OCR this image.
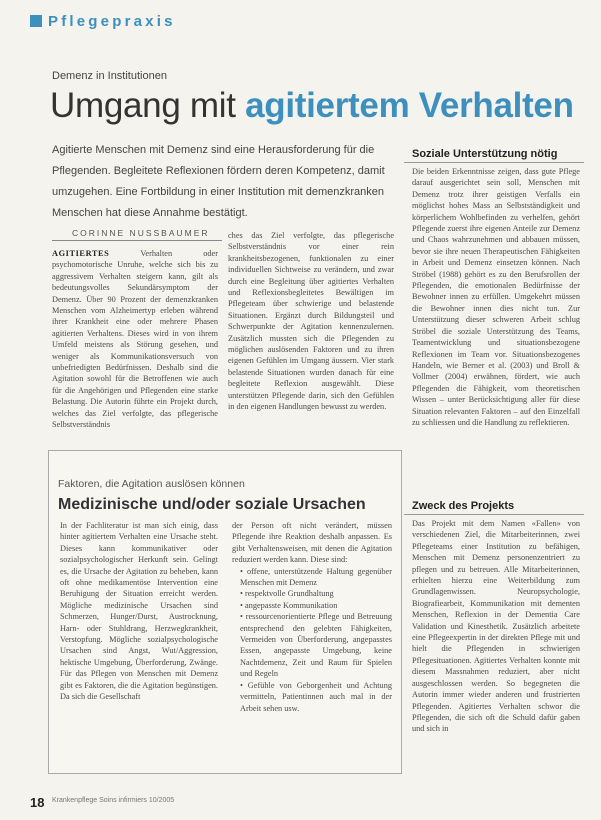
Pflegepraxis
Demenz in Institutionen
Umgang mit agitiertem Verhalten
Agitierte Menschen mit Demenz sind eine Herausforderung für die Pflegenden. Begleitete Reflexionen fördern deren Kompetenz, damit umzugehen. Eine Fortbildung in einer Institution mit demenzkranken Menschen hat diese Annahme bestätigt.
CORINNE NUSSBAUMER
AGITIERTES Verhalten oder psychomotorische Unruhe, welche sich bis zu aggressivem Verhalten steigern kann, gilt als bedeutungsvolles Sekundärsymptom der Demenz. Über 90 Prozent der demenzkranken Menschen vom Alzheimertyp erleben während ihrer Krankheit eine oder mehrere Phasen agitierten Verhaltens. Dieses wird in von ihrem Umfeld meistens als Störung gesehen, und weniger als Kommunikationsversuch von unbefriedigten Bedürfnissen. Deshalb sind die Agitation sowohl für die Betroffenen wie auch für die Angehörigen und Pflegenden eine starke Belastung. Die Autorin führte ein Projekt durch, welches das Ziel verfolgte, das pflegerische Selbstverständnis
ches das Ziel verfolgte, das pflegerische Selbstverständnis vor einer rein krankheitsbezogenen, funktionalen zu einer individuellen Sichtweise zu verändern, und zwar durch eine Begleitung über agitiertes Verhalten und Reflexionsbegleitetes Bewältigen im Pflegeteam über schwierige und belastende Situationen. Ergänzt durch Bildungsteil und Schwerpunkte der Agitation kennenzulernen. Zusätzlich mussten sich die Pflegenden zu möglichen auslösenden Faktoren und zu ihren eigenen Gefühlen im Umgang äussern. Vier stark belastende Situationen wurden danach für eine begleitete Reflexion ausgewählt. Diese unterstützen Pflegende darin, sich den Gefühlen in den eigenen Handlungen bewusst zu werden.
Faktoren, die Agitation auslösen können
Medizinische und/oder soziale Ursachen
In der Fachliteratur ist man sich einig, dass hinter agitiertem Verhalten eine Ursache steht. Dieses kann kommunikativer oder sozialpsychologischer Herkunft sein. Gelingt es, die Ursache der Agitation zu beheben, kann oft ohne medikamentöse Intervention eine Beruhigung der Situation erreicht werden. Mögliche medizinische Ursachen sind Schmerzen, Hunger/Durst, Austrocknung, Harn- oder Stuhldrang, Herzwegkrankheit, Verstopfung. Mögliche sozialpsychologische Ursachen sind Angst, Wut/Aggression, hektische Umgebung, Überforderung, Zwänge. Für das Pflegen von Menschen mit Demenz gibt es Faktoren, die die Agitation begünstigen. Da sich die Gesellschaft
der Person oft nicht verändert, müssen Pflegende ihre Reaktion deshalb anpassen. Es gibt Verhaltensweisen, mit denen die Agitation reduziert werden kann. Diese sind:
• offene, unterstützende Haltung gegenüber Menschen mit Demenz
• respektvolle Grundhaltung
• angepasste Kommunikation
• ressourcenorientierte Pflege und Betreuung entsprechend den gelebten Fähigkeiten, Vermeiden von Überforderung, angepasstes Essen, angepasste Umgebung, keine Nachtdemenz, Zeit und Raum für Spielen und Regeln
• Gefühle von Geborgenheit und Achtung vermitteln, Patientinnen auch mal in der Arbeit sehen usw.
Soziale Unterstützung nötig
Die beiden Erkenntnisse zeigen, dass gute Pflege darauf ausgerichtet sein soll, Menschen mit Demenz trotz ihrer geistigen Verfalls ein möglichst hohes Mass an Selbstständigkeit und körperlichem Wohlbefinden zu verhelfen, gehört Pflegende zuerst ihre eigenen Anteile zur Demenz und Chaos wahrzunehmen und abbauen müssen, bevor sie ihre neuen Therapeutischen Fähigkeiten in Arbeit und Demenz einsetzen können. Nach Ströbel (1988) gehört es zu den Berufsrollen der Pflegenden, die emotionalen Bedürfnisse der Bewohner innen zu erfüllen. Umgekehrt müssen die Bewohner innen dies nicht tun. Zur Unterstützung dieser schweren Arbeit schlug Ströbel die soziale Unterstützung des Teams, Teamentwicklung und situationsbezogene Reflexionen im Team vor. Situationsbezogenes Handeln, wie Berner et al. (2003) und Broll & Vollmer (2004) erwähnen, fördert, wie auch Pflegenden die Fähigkeit, vom theoretischen Wissen – unter Berücksichtigung aller für diese Situation relevanten Faktoren – auf den Einzelfall zu schliessen und die Handlung zu reflektieren.
Zweck des Projekts
Das Projekt mit dem Namen «Fallen» von verschiedenen Ziel, die Mitarbeiterinnen, zwei Pflegeteams einer Institution zu befähigen, Menschen mit Demenz personenzentriert zu pflegen und zu betreuen. Alle Mitarbeiterinnen, erhielten hierzu eine Weiterbildung zum Grundlagenwissen. Neuropsychologie, Biografiearbeit, Kommunikation mit dementen Menschen, Reflexion in der Dementia Care Validation und Kinesthetik. Zusätzlich arbeitete eine Pflegeexpertin in der direkten Pflege mit und hielt die Pflegenden in schwierigen Pflegesituationen. Agitiertes Verhalten konnte mit diesem Massnahmen reduziert, aber nicht ausgeschlossen werden. So begegneten die Autorin immer wieder anderen und frustrierten Pflegenden. Agitiertes Verhalten schwor die Pflegenden, die sich oft die Schuld dafür gaben und sich in
18 Krankenpflege Soins infirmiers 10/2005
